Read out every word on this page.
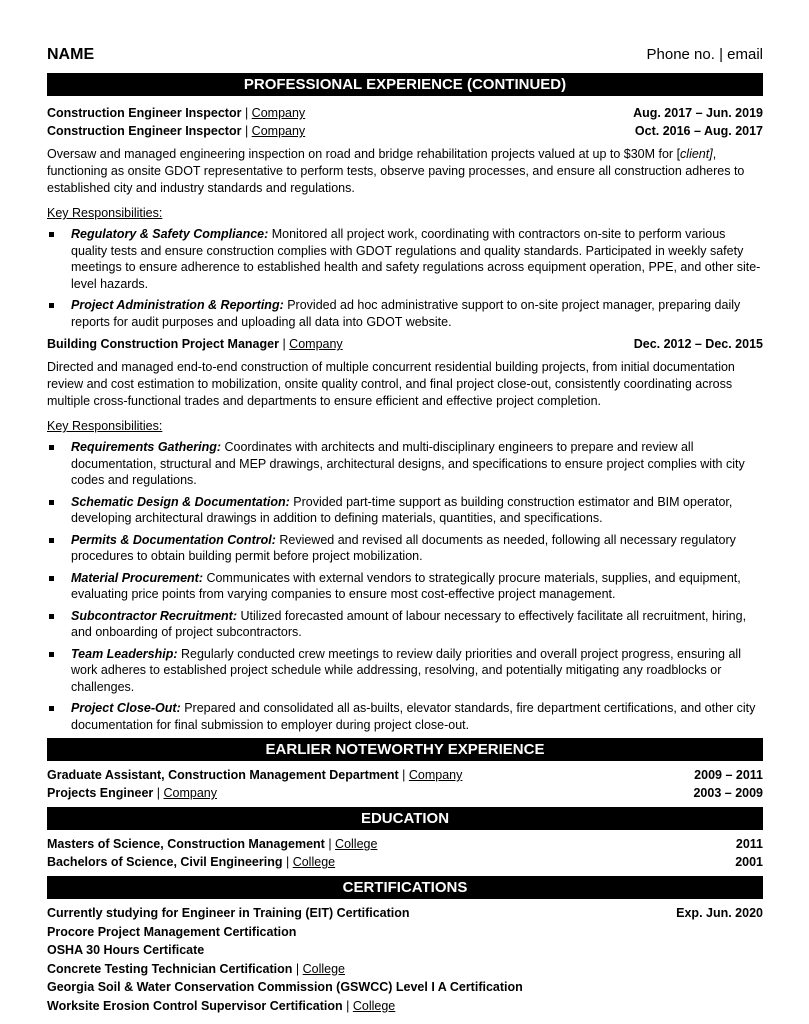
NAME	Phone no. | email
PROFESSIONAL EXPERIENCE (CONTINUED)
Construction Engineer Inspector | Company	Aug. 2017 – Jun. 2019
Construction Engineer Inspector | Company	Oct. 2016 – Aug. 2017
Oversaw and managed engineering inspection on road and bridge rehabilitation projects valued at up to $30M for [client], functioning as onsite GDOT representative to perform tests, observe paving processes, and ensure all construction adheres to established city and industry standards and regulations.
Key Responsibilities:
Regulatory & Safety Compliance: Monitored all project work, coordinating with contractors on-site to perform various quality tests and ensure construction complies with GDOT regulations and quality standards. Participated in weekly safety meetings to ensure adherence to established health and safety regulations across equipment operation, PPE, and other site-level hazards.
Project Administration & Reporting: Provided ad hoc administrative support to on-site project manager, preparing daily reports for audit purposes and uploading all data into GDOT website.
Building Construction Project Manager | Company	Dec. 2012 – Dec. 2015
Directed and managed end-to-end construction of multiple concurrent residential building projects, from initial documentation review and cost estimation to mobilization, onsite quality control, and final project close-out, consistently coordinating across multiple cross-functional trades and departments to ensure efficient and effective project completion.
Key Responsibilities:
Requirements Gathering: Coordinates with architects and multi-disciplinary engineers to prepare and review all documentation, structural and MEP drawings, architectural designs, and specifications to ensure project complies with city codes and regulations.
Schematic Design & Documentation: Provided part-time support as building construction estimator and BIM operator, developing architectural drawings in addition to defining materials, quantities, and specifications.
Permits & Documentation Control: Reviewed and revised all documents as needed, following all necessary regulatory procedures to obtain building permit before project mobilization.
Material Procurement: Communicates with external vendors to strategically procure materials, supplies, and equipment, evaluating price points from varying companies to ensure most cost-effective project management.
Subcontractor Recruitment: Utilized forecasted amount of labour necessary to effectively facilitate all recruitment, hiring, and onboarding of project subcontractors.
Team Leadership: Regularly conducted crew meetings to review daily priorities and overall project progress, ensuring all work adheres to established project schedule while addressing, resolving, and potentially mitigating any roadblocks or challenges.
Project Close-Out: Prepared and consolidated all as-builts, elevator standards, fire department certifications, and other city documentation for final submission to employer during project close-out.
EARLIER NOTEWORTHY EXPERIENCE
Graduate Assistant, Construction Management Department | Company	2009 – 2011
Projects Engineer | Company	2003 – 2009
EDUCATION
Masters of Science, Construction Management | College	2011
Bachelors of Science, Civil Engineering | College	2001
CERTIFICATIONS
Currently studying for Engineer in Training (EIT) Certification	Exp. Jun. 2020
Procore Project Management Certification
OSHA 30 Hours Certificate
Concrete Testing Technician Certification | College
Georgia Soil & Water Conservation Commission (GSWCC) Level I A Certification
Worksite Erosion Control Supervisor Certification | College
